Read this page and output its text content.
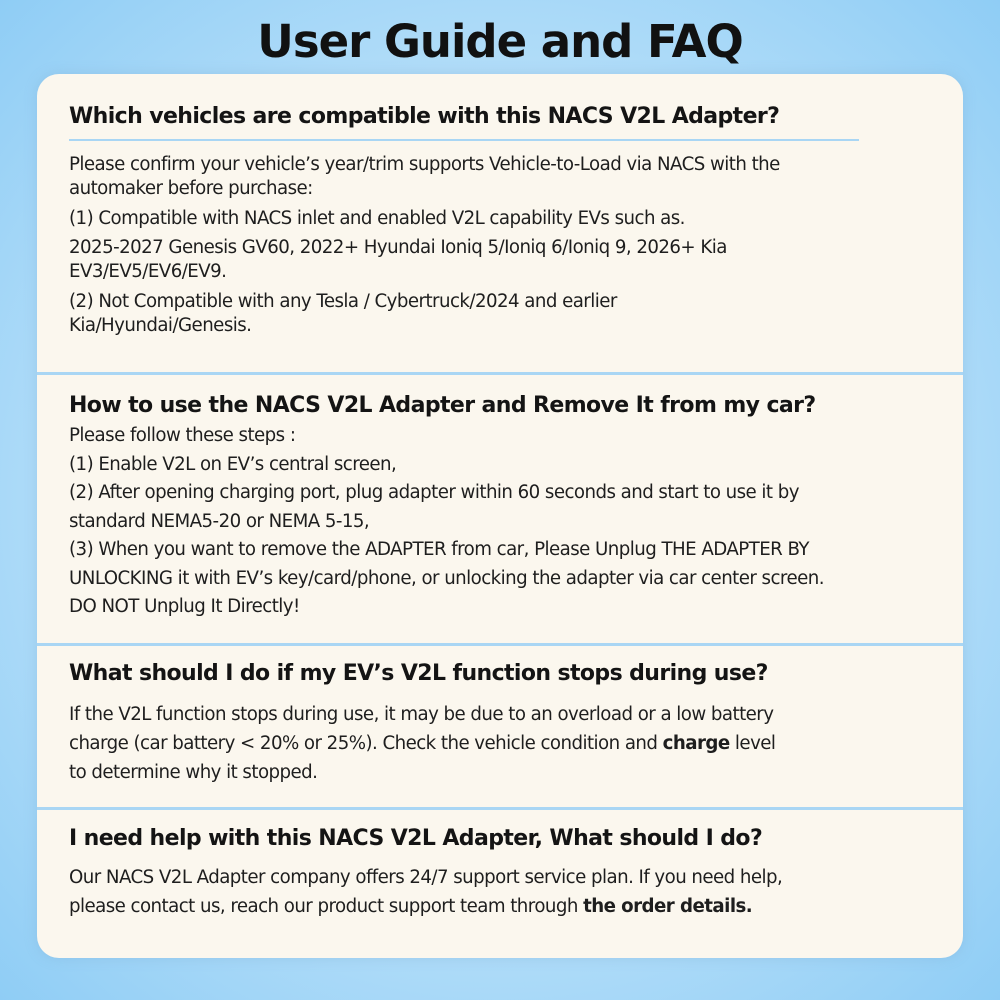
User Guide and FAQ

Which vehicles are compatible with this NACS V2L Adapter?

Please confirm your vehicle’s year/trim supports Vehicle-to-Load via NACS with the
automaker before purchase:
(1) Compatible with NACS inlet and enabled V2L capability EVs such as.
2025-2027 Genesis GV60, 2022+ Hyundai Ioniq 5/Ioniq 6/Ioniq 9, 2026+ Kia
EV3/EV5/EV6/EV9.
(2) Not Compatible with any Tesla / Cybertruck/2024 and earlier
Kia/Hyundai/Genesis.

How to use the NACS V2L Adapter and Remove It from my car?

Please follow these steps :
(1) Enable V2L on EV’s central screen,
(2) After opening charging port, plug adapter within 60 seconds and start to use it by
standard NEMA5-20 or NEMA 5-15,
(3) When you want to remove the ADAPTER from car, Please Unplug THE ADAPTER BY
UNLOCKING it with EV’s key/card/phone, or unlocking the adapter via car center screen.
DO NOT Unplug It Directly!

What should I do if my EV’s V2L function stops during use?

If the V2L function stops during use, it may be due to an overload or a low battery
charge (car battery < 20% or 25%). Check the vehicle condition and charge level
to determine why it stopped.

I need help with this NACS V2L Adapter, What should I do?

Our NACS V2L Adapter company offers 24/7 support service plan. If you need help,
please contact us, reach our product support team through the order details.
